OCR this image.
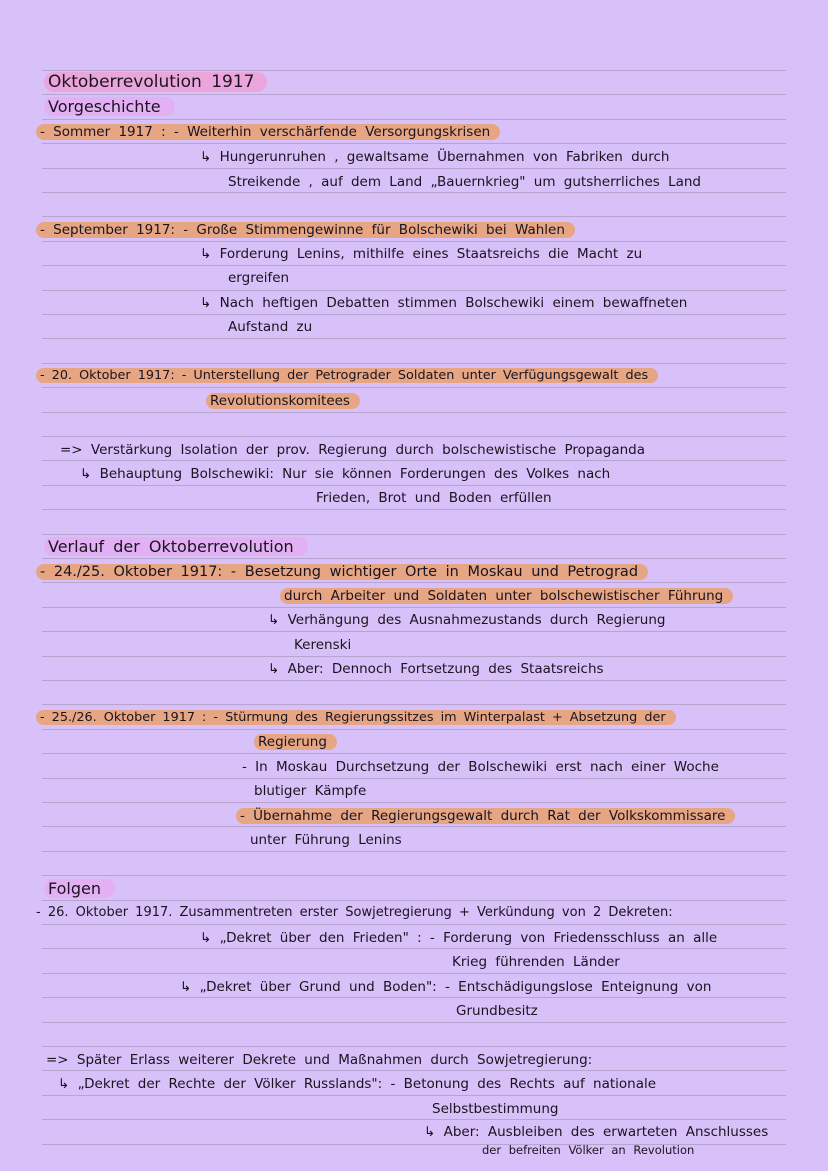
Oktoberrevolution 1917
Vorgeschichte
- Sommer 1917 : - Weiterhin verschärfende Versorgungskrisen
↳ Hungerunruhen , gewaltsame Übernahmen von Fabriken durch
Streikende , auf dem Land „Bauernkrieg" um gutsherrliches Land
- September 1917: - Große Stimmengewinne für Bolschewiki bei Wahlen
↳ Forderung Lenins, mithilfe eines Staatsreichs die Macht zu
ergreifen
↳ Nach heftigen Debatten stimmen Bolschewiki einem bewaffneten
Aufstand zu
- 20. Oktober 1917: - Unterstellung der Petrograder Soldaten unter Verfügungsgewalt des
Revolutionskomitees
=> Verstärkung Isolation der prov. Regierung durch bolschewistische Propaganda
↳ Behauptung Bolschewiki: Nur sie können Forderungen des Volkes nach
Frieden, Brot und Boden erfüllen
Verlauf der Oktoberrevolution
- 24./25. Oktober 1917: - Besetzung wichtiger Orte in Moskau und Petrograd
durch Arbeiter und Soldaten unter bolschewistischer Führung
↳ Verhängung des Ausnahmezustands durch Regierung
Kerenski
↳ Aber: Dennoch Fortsetzung des Staatsreichs
- 25./26. Oktober 1917 : - Stürmung des Regierungssitzes im Winterpalast + Absetzung der
Regierung
- In Moskau Durchsetzung der Bolschewiki erst nach einer Woche
blutiger Kämpfe
- Übernahme der Regierungsgewalt durch Rat der Volkskommissare
unter Führung Lenins
Folgen
- 26. Oktober 1917. Zusammentreten erster Sowjetregierung + Verkündung von 2 Dekreten:
↳ „Dekret über den Frieden" : - Forderung von Friedensschluss an alle
Krieg führenden Länder
↳ „Dekret über Grund und Boden": - Entschädigungslose Enteignung von
Grundbesitz
=> Später Erlass weiterer Dekrete und Maßnahmen durch Sowjetregierung:
↳ „Dekret der Rechte der Völker Russlands": - Betonung des Rechts auf nationale
Selbstbestimmung
↳ Aber: Ausbleiben des erwarteten Anschlusses
der befreiten Völker an Revolution
